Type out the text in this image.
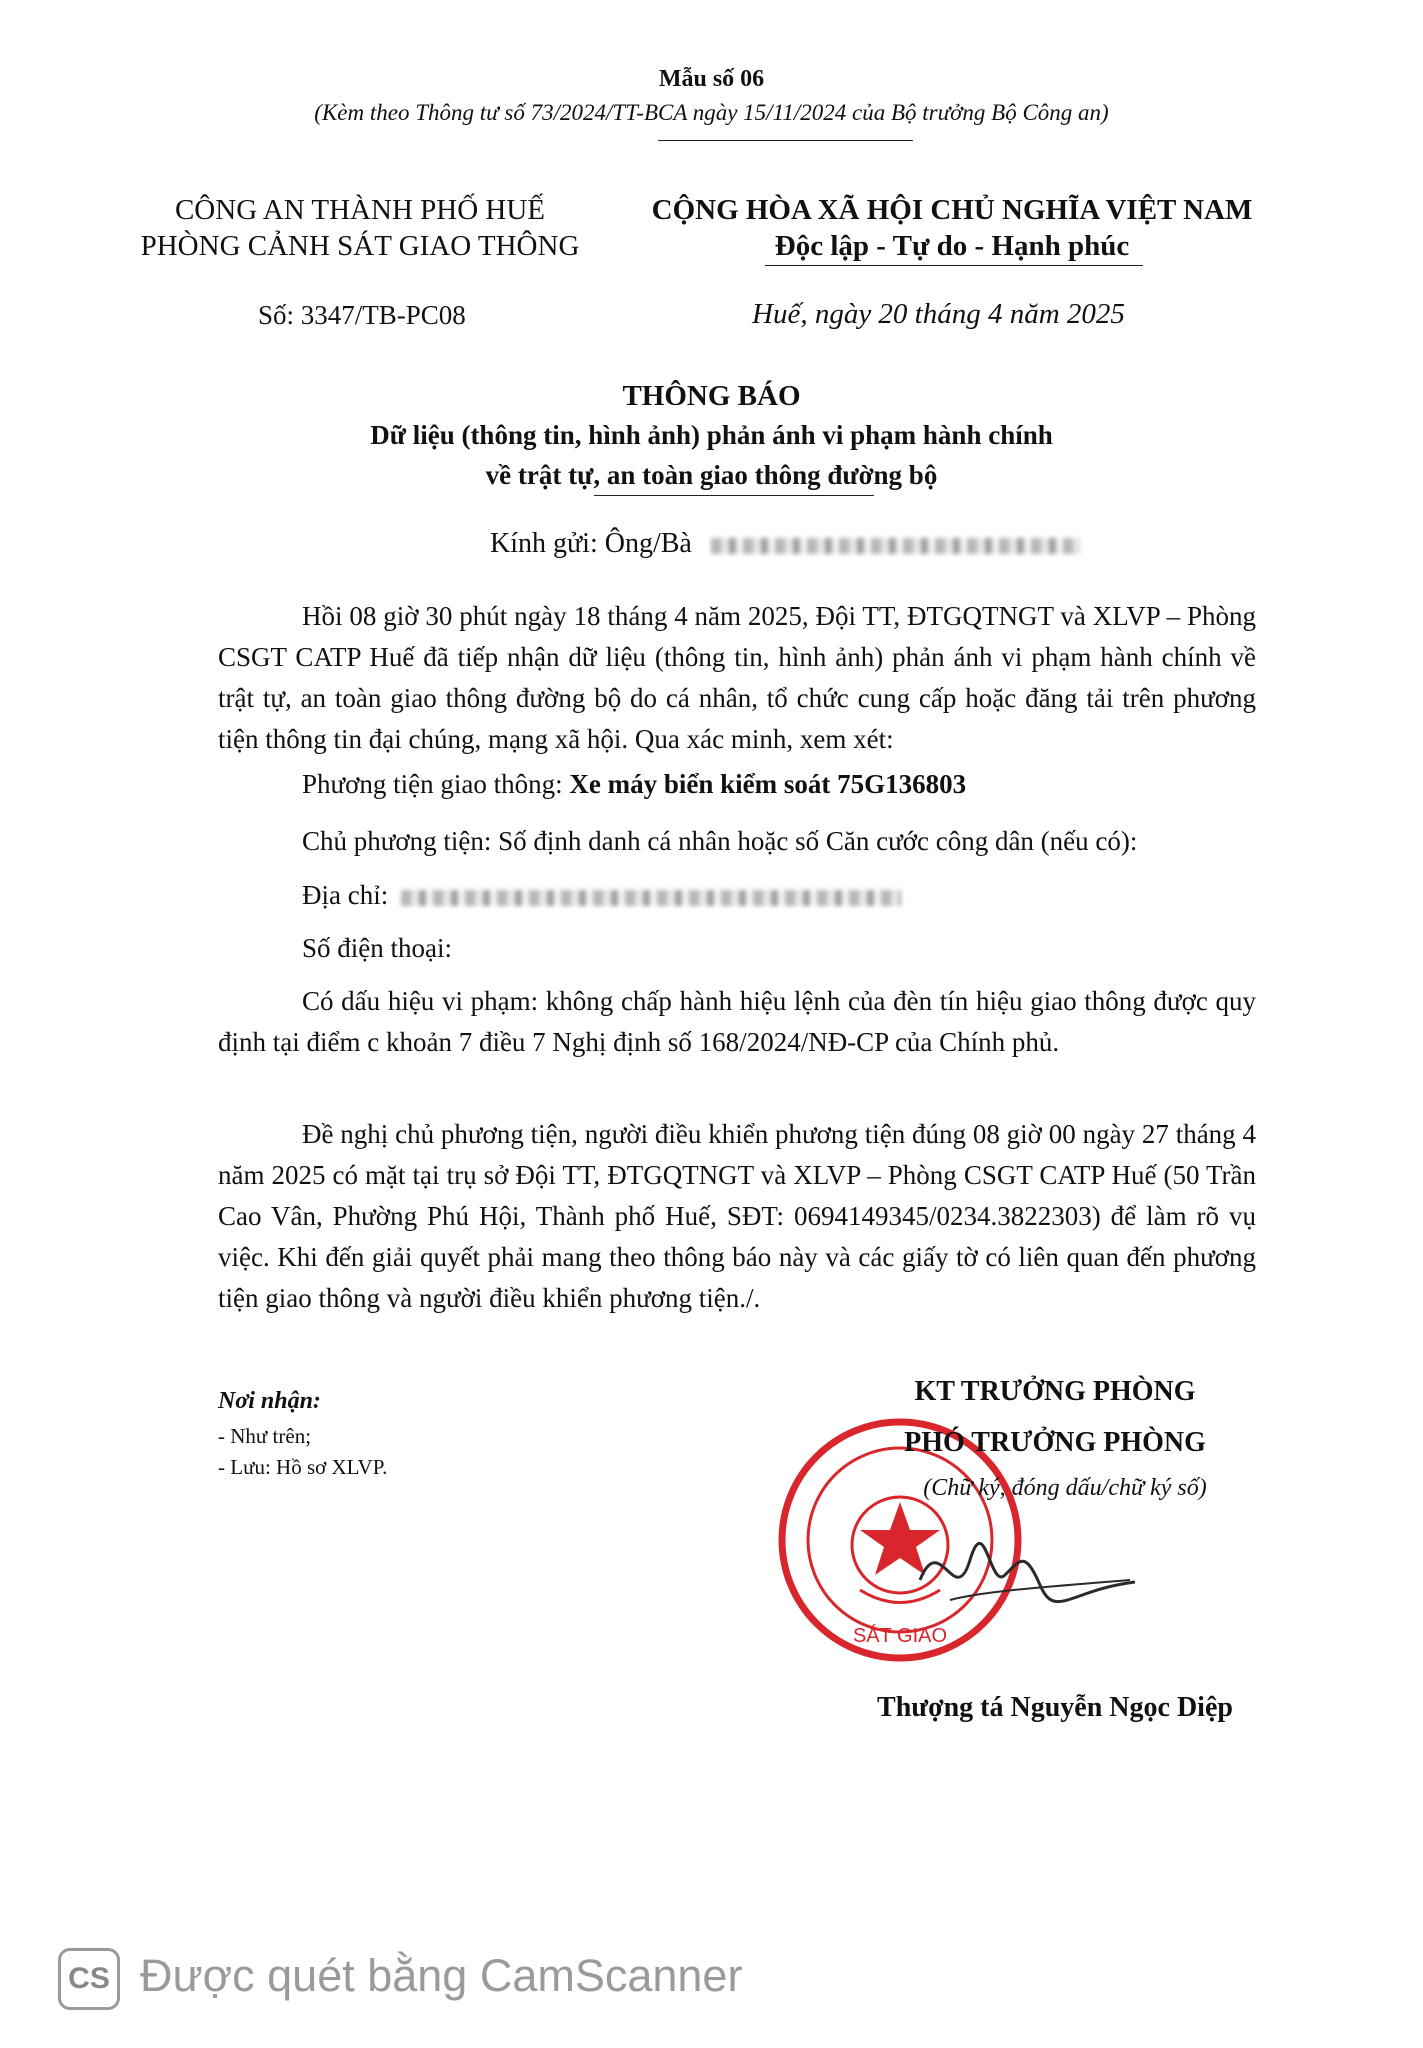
Mẫu số 06
(Kèm theo Thông tư số 73/2024/TT-BCA ngày 15/11/2024 của Bộ trưởng Bộ Công an)
CÔNG AN THÀNH PHỐ HUẾ
PHÒNG CẢNH SÁT GIAO THÔNG
CỘNG HÒA XÃ HỘI CHỦ NGHĨA VIỆT NAM
Độc lập - Tự do - Hạnh phúc
Số: 3347/TB-PC08	Huế, ngày 20 tháng 4 năm 2025
THÔNG BÁO
Dữ liệu (thông tin, hình ảnh) phản ánh vi phạm hành chính
về trật tự, an toàn giao thông đường bộ
Kính gửi: Ông/Bà
Hồi 08 giờ 30 phút ngày 18 tháng 4 năm 2025, Đội TT, ĐTGQTNGT và XLVP – Phòng CSGT CATP Huế đã tiếp nhận dữ liệu (thông tin, hình ảnh) phản ánh vi phạm hành chính về trật tự, an toàn giao thông đường bộ do cá nhân, tổ chức cung cấp hoặc đăng tải trên phương tiện thông tin đại chúng, mạng xã hội. Qua xác minh, xem xét:
Phương tiện giao thông: Xe máy biển kiểm soát 75G136803
Chủ phương tiện: Số định danh cá nhân hoặc số Căn cước công dân (nếu có):
Địa chỉ:
Số điện thoại:
Có dấu hiệu vi phạm: không chấp hành hiệu lệnh của đèn tín hiệu giao thông được quy định tại điểm c khoản 7 điều 7 Nghị định số 168/2024/NĐ-CP của Chính phủ.
Đề nghị chủ phương tiện, người điều khiển phương tiện đúng 08 giờ 00 ngày 27 tháng 4 năm 2025 có mặt tại trụ sở Đội TT, ĐTGQTNGT và XLVP – Phòng CSGT CATP Huế (50 Trần Cao Vân, Phường Phú Hội, Thành phố Huế, SĐT: 0694149345/0234.3822303) để làm rõ vụ việc. Khi đến giải quyết phải mang theo thông báo này và các giấy tờ có liên quan đến phương tiện giao thông và người điều khiển phương tiện./.
Nơi nhận:
- Như trên;
- Lưu: Hồ sơ XLVP.
SÁT GIAO
KT TRƯỞNG PHÒNG
PHÓ TRƯỞNG PHÒNG
(Chữ ký, đóng dấu/chữ ký số)
Thượng tá Nguyễn Ngọc Diệp
CS Được quét bằng CamScanner
